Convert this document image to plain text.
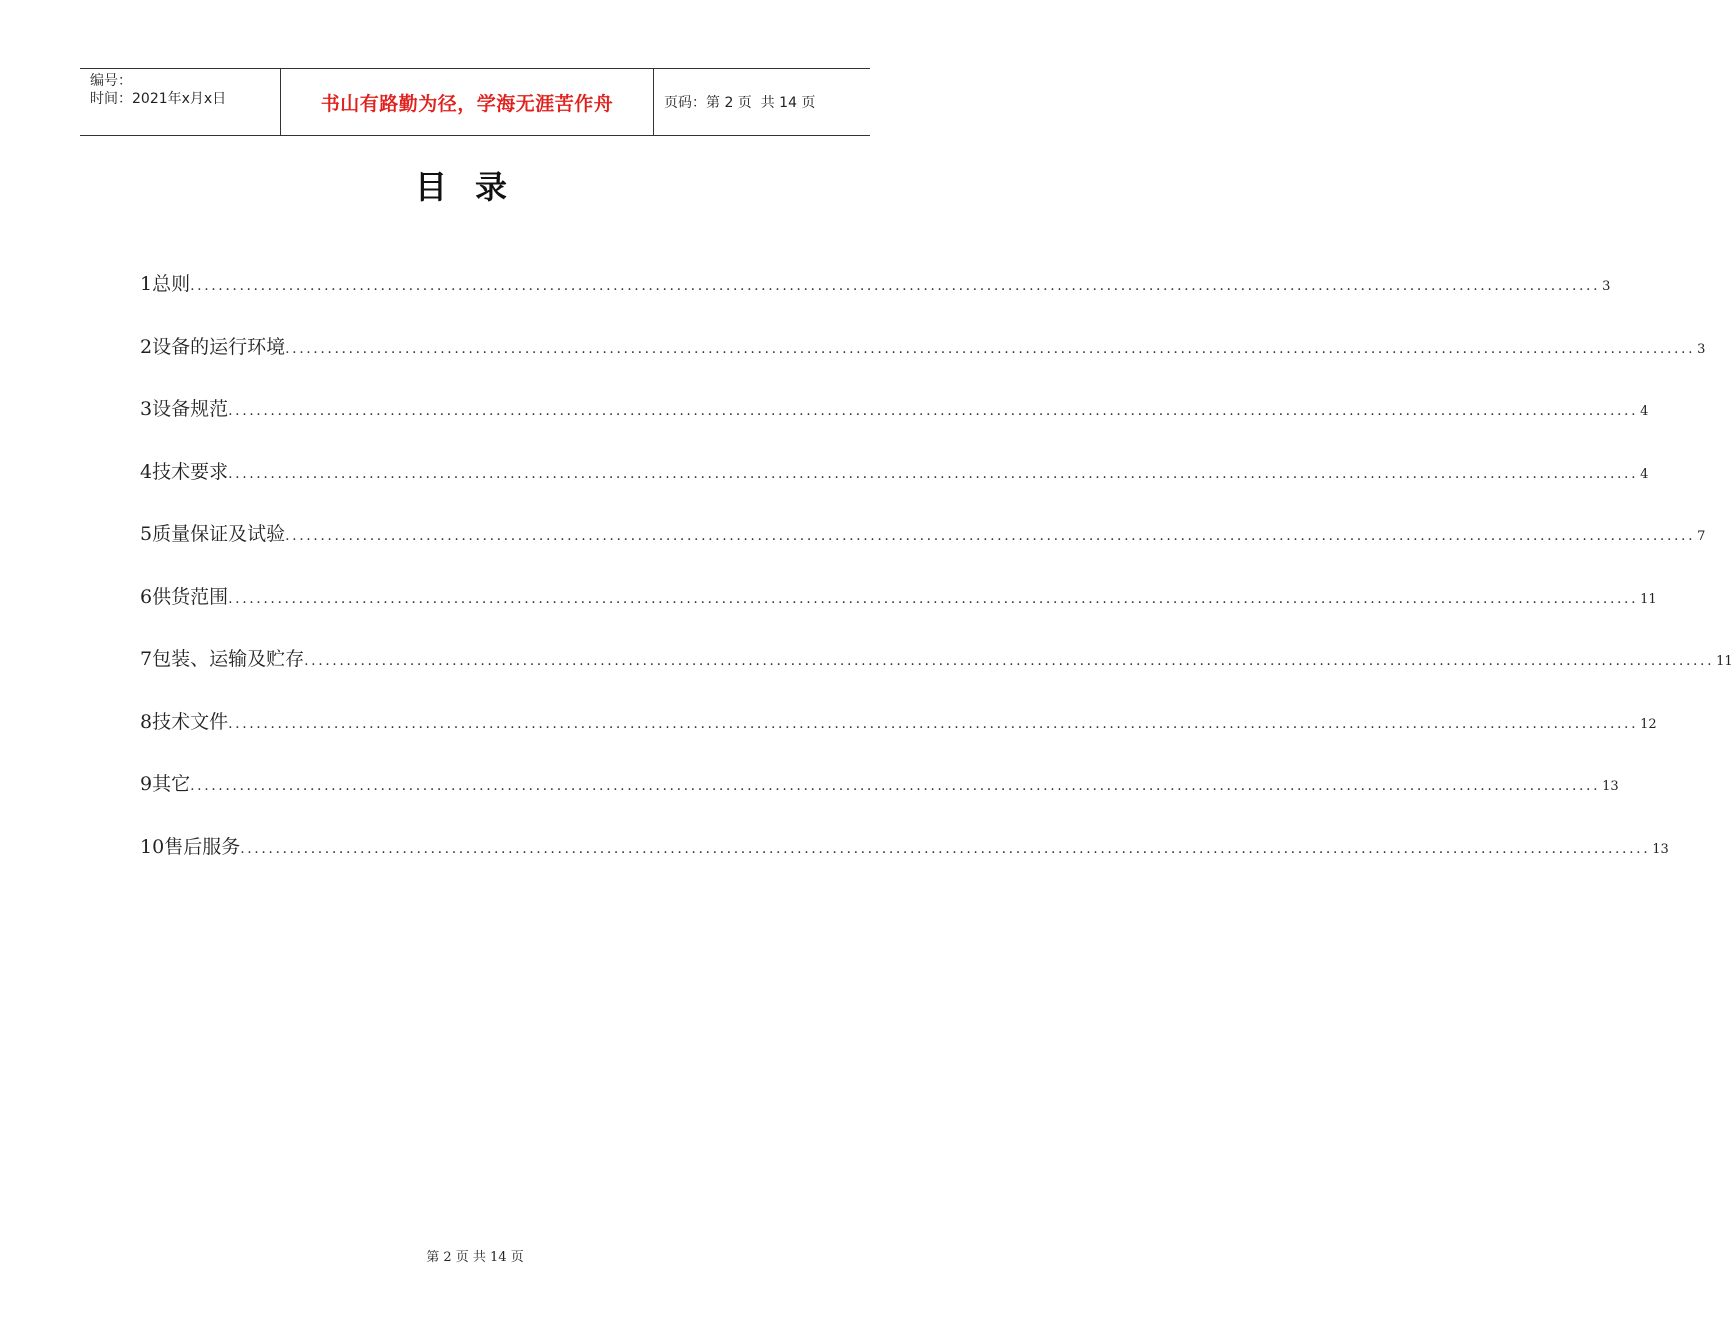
编号：
时间：2021年x月x日	书山有路勤为径，学海无涯苦作舟	页码：第 2 页  共 14 页
目录
1 总则 ........................................................................................................................................................................................................ 3
2 设备的运行环境 ........................................................................................................................................................................................................ 3
3 设备规范 ........................................................................................................................................................................................................ 4
4 技术要求 ........................................................................................................................................................................................................ 4
5 质量保证及试验 ........................................................................................................................................................................................................ 7
6 供货范围 ........................................................................................................................................................................................................ 11
7 包装、运输及贮存 ........................................................................................................................................................................................................ 11
8 技术文件 ........................................................................................................................................................................................................ 12
9 其它 ........................................................................................................................................................................................................ 13
10 售后服务 ........................................................................................................................................................................................................ 13
第 2 页 共 14 页
